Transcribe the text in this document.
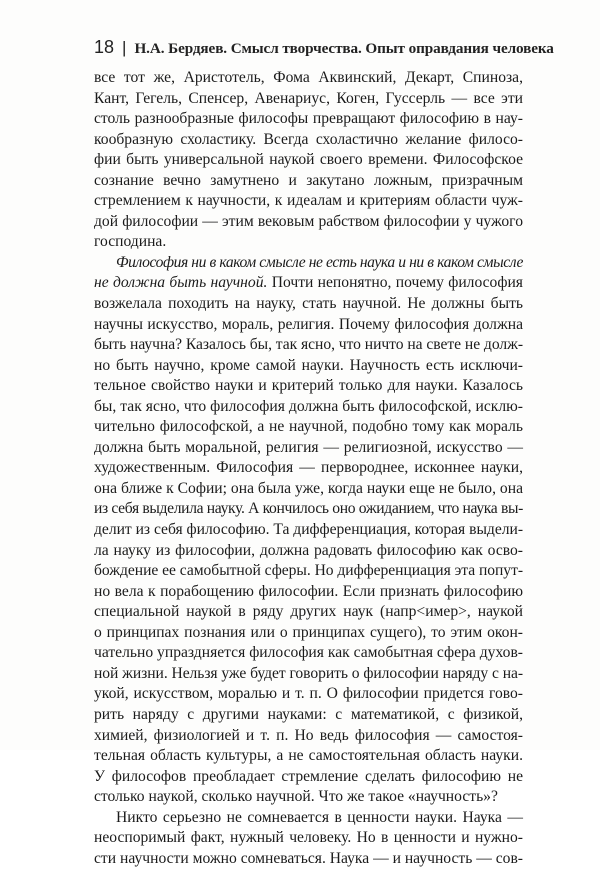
18 | Н.А. Бердяев. Смысл творчества. Опыт оправдания человека
все тот же, Аристотель, Фома Аквинский, Декарт, Спиноза,
Кант, Гегель, Спенсер, Авенариус, Коген, Гуссерль — все эти
столь разнообразные философы превращают философию в нау-
кообразную схоластику. Всегда схоластично желание филосо-
фии быть универсальной наукой своего времени. Философское
сознание вечно замутнено и закутано ложным, призрачным
стремлением к научности, к идеалам и критериям области чуж-
дой философии — этим вековым рабством философии у чужого
господина.
Философия ни в каком смысле не есть наука и ни в каком смысле
не должна быть научной. Почти непонятно, почему философия
возжелала походить на науку, стать научной. Не должны быть
научны искусство, мораль, религия. Почему философия должна
быть научна? Казалось бы, так ясно, что ничто на свете не долж-
но быть научно, кроме самой науки. Научность есть исключи-
тельное свойство науки и критерий только для науки. Казалось
бы, так ясно, что философия должна быть философской, исклю-
чительно философской, а не научной, подобно тому как мораль
должна быть моральной, религия — религиозной, искусство —
художественным. Философия — первороднее, исконнее науки,
она ближе к Софии; она была уже, когда науки еще не было, она
из себя выделила науку. А кончилось оно ожиданием, что наука вы-
делит из себя философию. Та дифференциация, которая выдели-
ла науку из философии, должна радовать философию как осво-
бождение ее самобытной сферы. Но дифференциация эта попут-
но вела к порабощению философии. Если признать философию
специальной наукой в ряду других наук (напр<имер>, наукой
о принципах познания или о принципах сущего), то этим окон-
чательно упраздняется философия как самобытная сфера духов-
ной жизни. Нельзя уже будет говорить о философии наряду с на-
укой, искусством, моралью и т. п. О философии придется гово-
рить наряду с другими науками: с математикой, с физикой,
химией, физиологией и т. п. Но ведь философия — самостоя-
тельная область культуры, а не самостоятельная область науки.
У философов преобладает стремление сделать философию не
столько наукой, сколько научной. Что же такое «научность»?
Никто серьезно не сомневается в ценности науки. Наука —
неоспоримый факт, нужный человеку. Но в ценности и нужно-
сти научности можно сомневаться. Наука — и научность — сов-
